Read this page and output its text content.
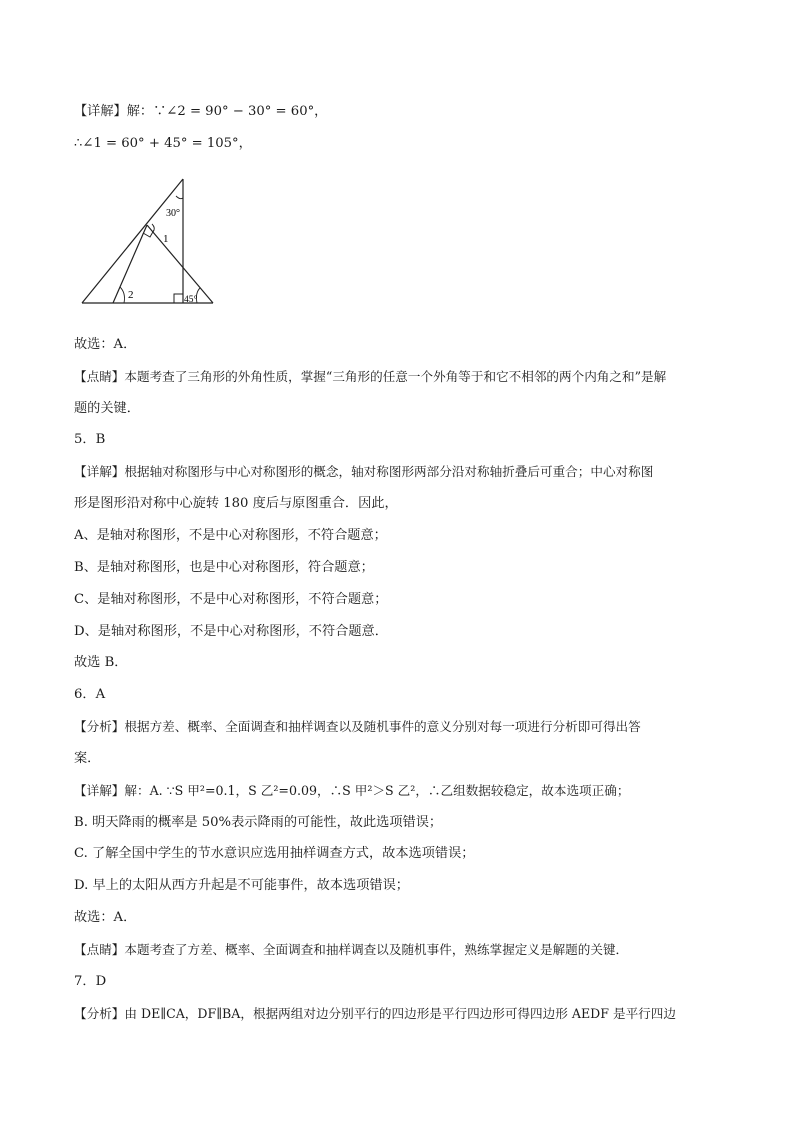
【详解】解：∵∠2 = 90° − 30° = 60°，
∴∠1 = 60° + 45° = 105°，
30°
1
2	45°
故选：A．
【点睛】本题考查了三角形的外角性质，掌握“三角形的任意一个外角等于和它不相邻的两个内角之和”是解
题的关键．
5．B
【详解】根据轴对称图形与中心对称图形的概念，轴对称图形两部分沿对称轴折叠后可重合；中心对称图
形是图形沿对称中心旋转 180 度后与原图重合．因此，
A、是轴对称图形，不是中心对称图形，不符合题意；
B、是轴对称图形，也是中心对称图形，符合题意；
C、是轴对称图形，不是中心对称图形，不符合题意；
D、是轴对称图形，不是中心对称图形，不符合题意．
故选 B．
6．A
【分析】根据方差、概率、全面调查和抽样调查以及随机事件的意义分别对每一项进行分析即可得出答
案．
【详解】解：A. ∵S 甲²=0.1，S 乙²=0.09，∴S 甲²＞S 乙²，∴乙组数据较稳定，故本选项正确；
B. 明天降雨的概率是 50%表示降雨的可能性，故此选项错误；
C. 了解全国中学生的节水意识应选用抽样调查方式，故本选项错误；
D. 早上的太阳从西方升起是不可能事件，故本选项错误；
故选：A．
【点睛】本题考查了方差、概率、全面调查和抽样调查以及随机事件，熟练掌握定义是解题的关键．
7．D
【分析】由 DE∥CA，DF∥BA，根据两组对边分别平行的四边形是平行四边形可得四边形 AEDF 是平行四边
